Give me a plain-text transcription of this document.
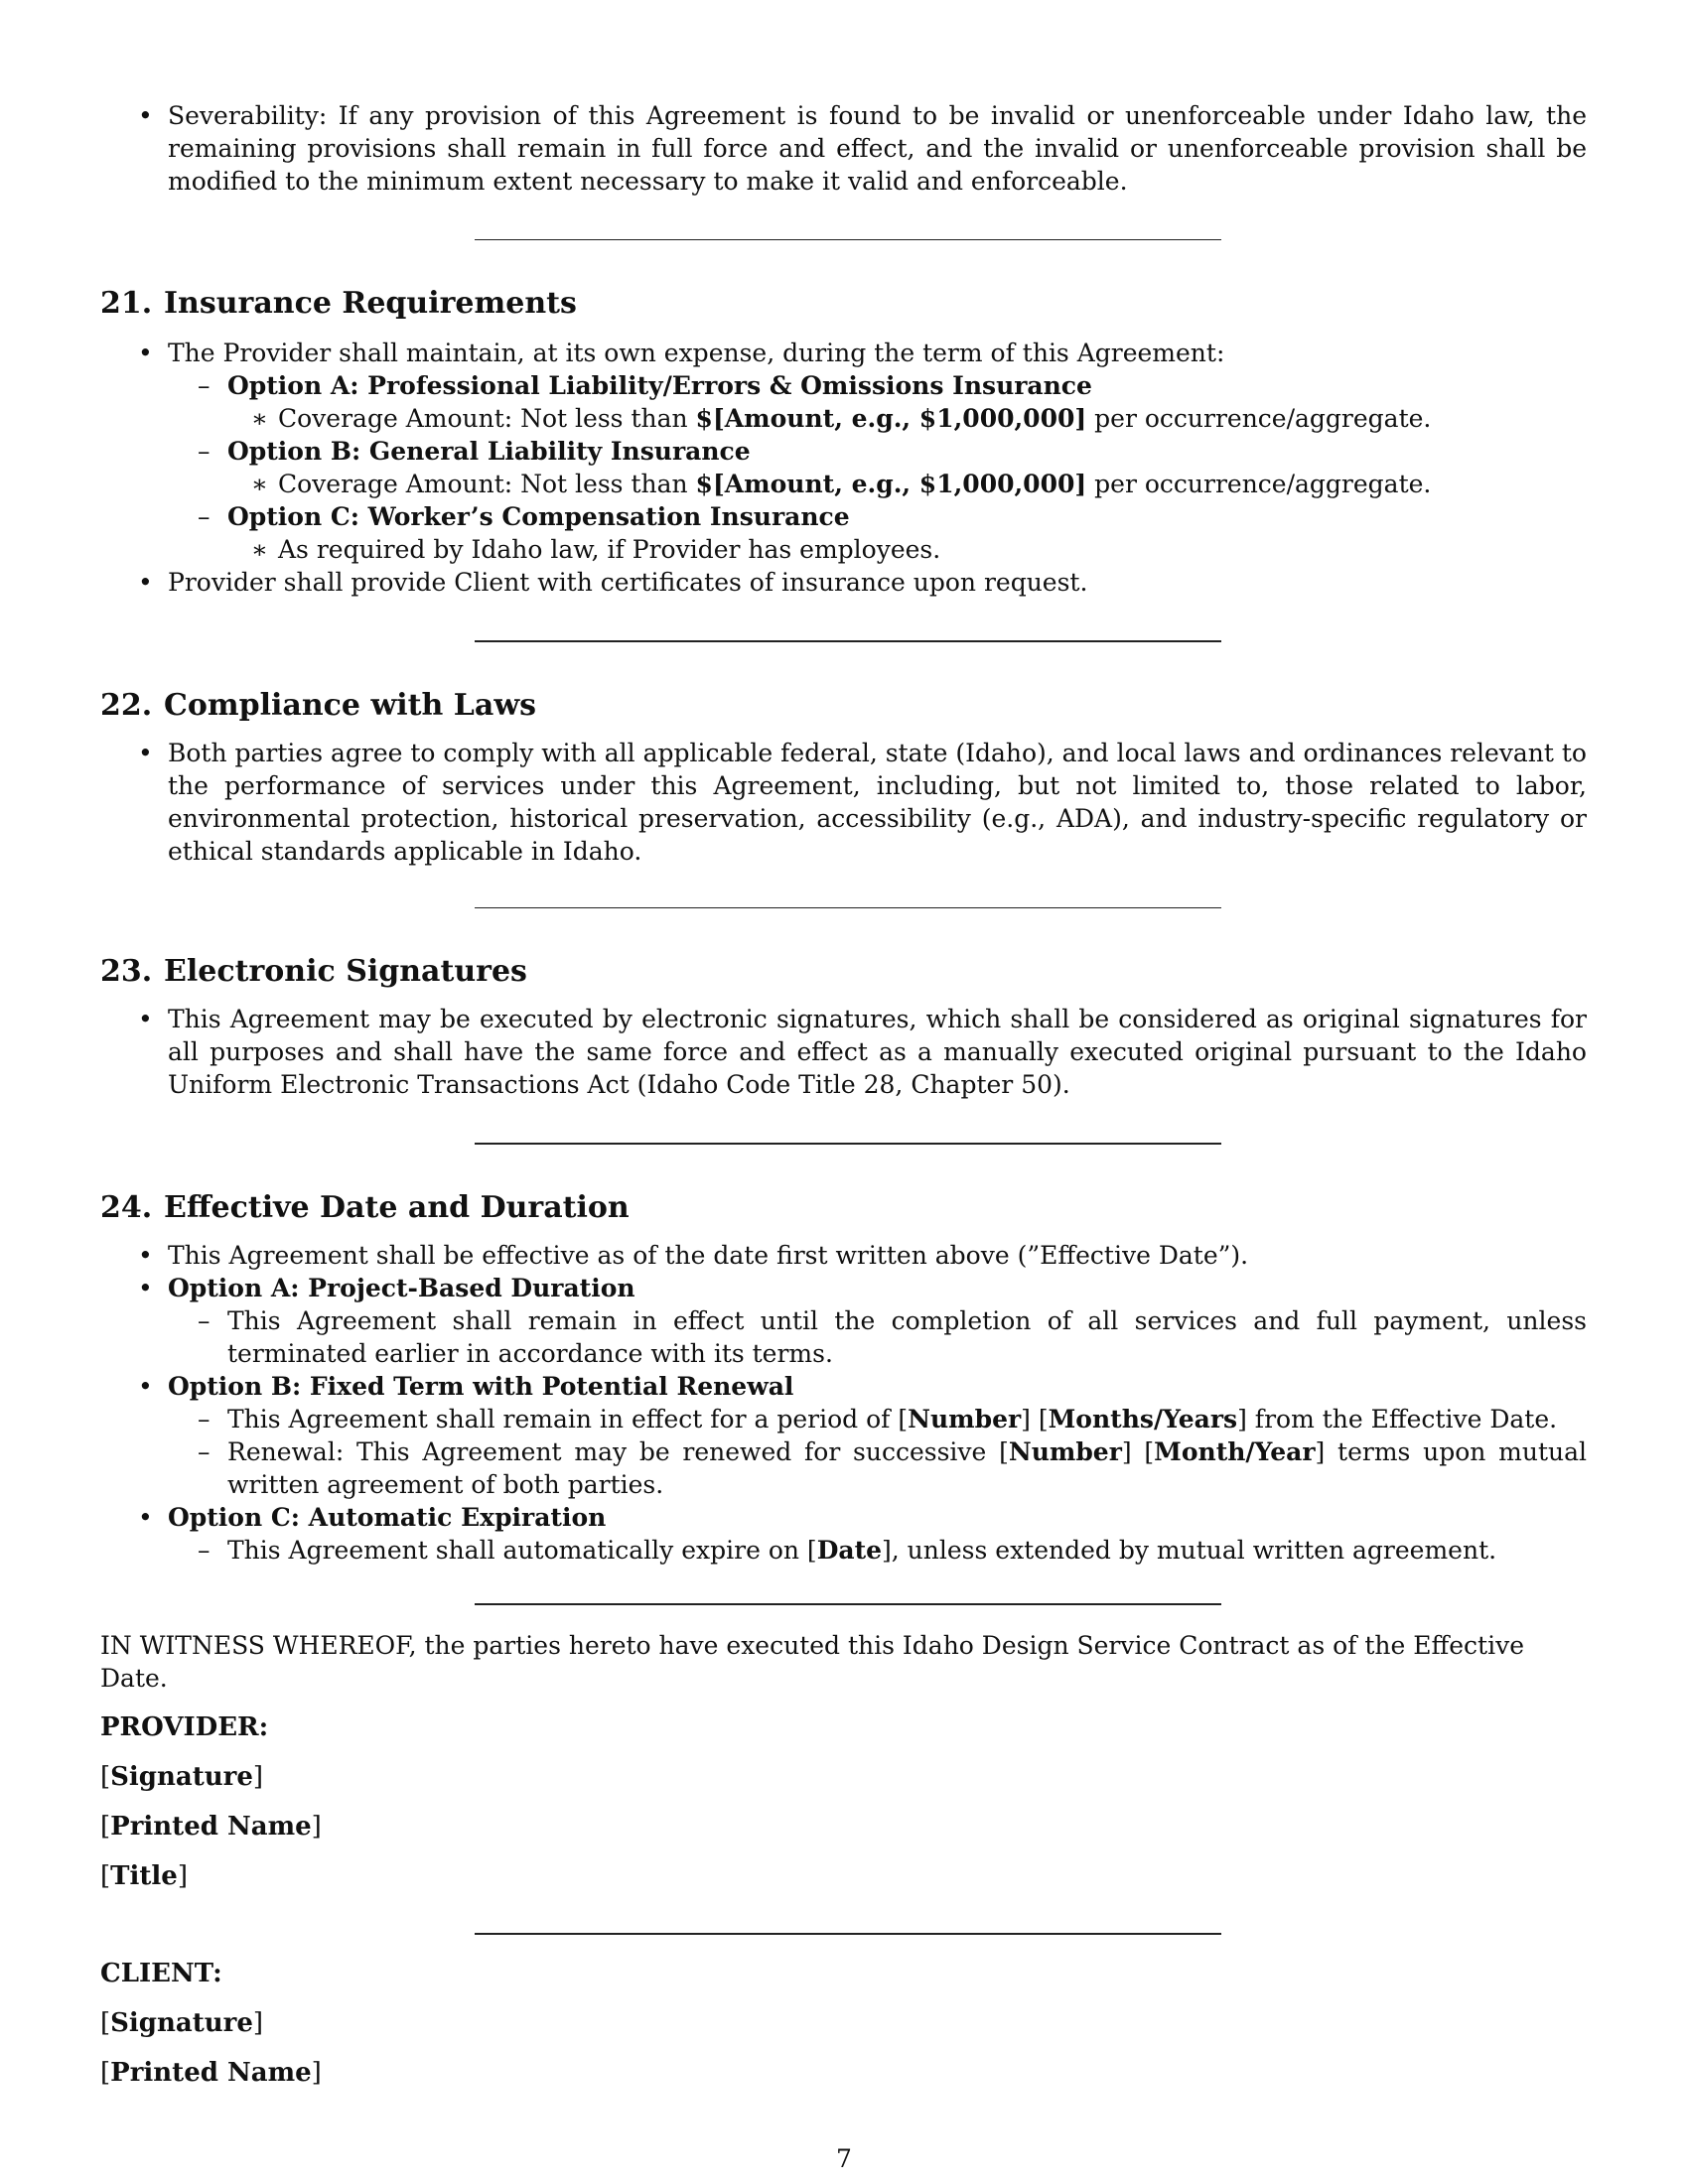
• Severability: If any provision of this Agreement is found to be invalid or unenforceable under Idaho law, the remaining provisions shall remain in full force and effect, and the invalid or unenforceable provision shall be modified to the minimum extent necessary to make it valid and enforceable.
21. Insurance Requirements
• The Provider shall maintain, at its own expense, during the term of this Agreement:
– Option A: Professional Liability/Errors & Omissions Insurance
∗ Coverage Amount: Not less than $[Amount, e.g., $1,000,000] per occurrence/aggregate.
– Option B: General Liability Insurance
∗ Coverage Amount: Not less than $[Amount, e.g., $1,000,000] per occurrence/aggregate.
– Option C: Worker’s Compensation Insurance
∗ As required by Idaho law, if Provider has employees.
• Provider shall provide Client with certificates of insurance upon request.
22. Compliance with Laws
• Both parties agree to comply with all applicable federal, state (Idaho), and local laws and ordinances relevant to the performance of services under this Agreement, including, but not limited to, those related to labor, environmental protection, historical preservation, accessibility (e.g., ADA), and industry-specific regulatory or ethical standards applicable in Idaho.
23. Electronic Signatures
• This Agreement may be executed by electronic signatures, which shall be considered as original signatures for all purposes and shall have the same force and effect as a manually executed original pursuant to the Idaho Uniform Electronic Transactions Act (Idaho Code Title 28, Chapter 50).
24. Effective Date and Duration
• This Agreement shall be effective as of the date first written above (”Effective Date”).
• Option A: Project-Based Duration
– This Agreement shall remain in effect until the completion of all services and full payment, unless terminated earlier in accordance with its terms.
• Option B: Fixed Term with Potential Renewal
– This Agreement shall remain in effect for a period of [Number] [Months/Years] from the Effective Date.
– Renewal: This Agreement may be renewed for successive [Number] [Month/Year] terms upon mutual written agreement of both parties.
• Option C: Automatic Expiration
– This Agreement shall automatically expire on [Date], unless extended by mutual written agreement.

IN WITNESS WHEREOF, the parties hereto have executed this Idaho Design Service Contract as of the Effective Date.

PROVIDER:

[Signature]

[Printed Name]

[Title]

CLIENT:

[Signature]

[Printed Name]

7
